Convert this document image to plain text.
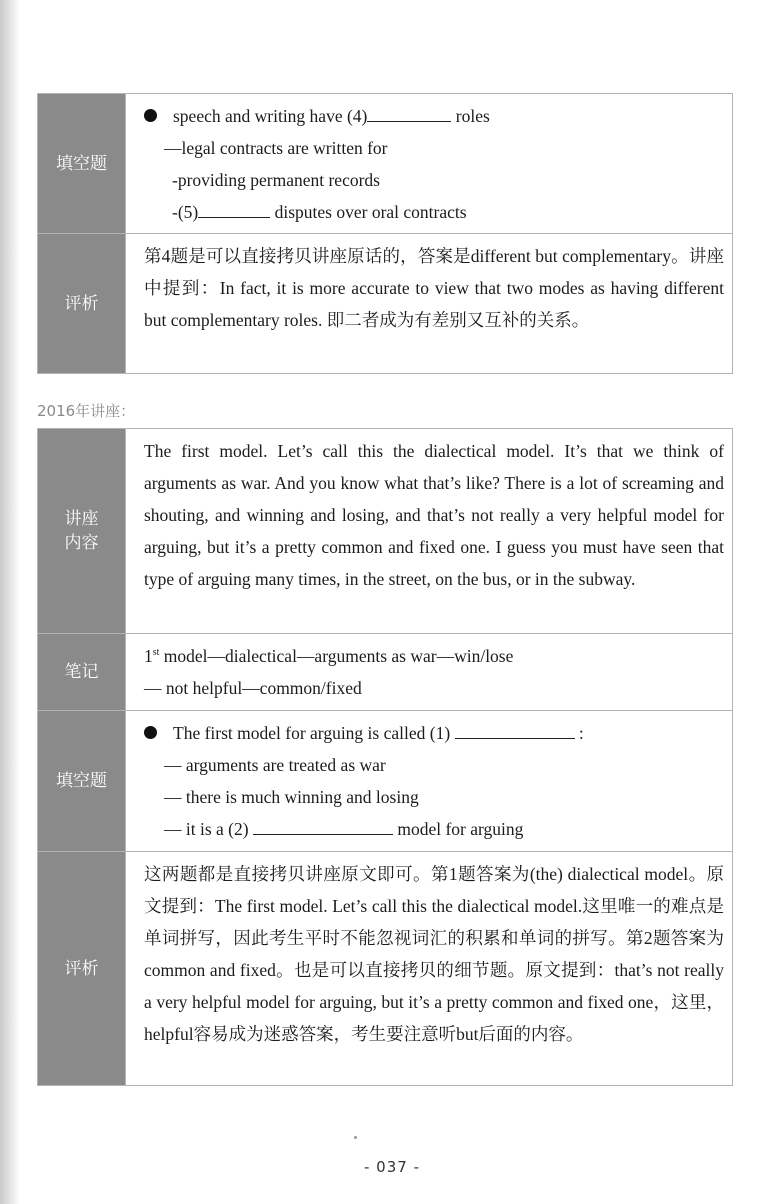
填空题
speech and writing have (4)	roles
—legal contracts are written for
-providing permanent records
-(5)	disputes over oral contracts
评析
第4题是可以直接拷贝讲座原话的，答案是different but complementary。讲座中提到：In fact, it is more accurate to view that two modes as having different but complementary roles. 即二者成为有差别又互补的关系。
2016年讲座：
讲座
内容
The first model. Let’s call this the dialectical model. It’s that we think of arguments as war. And you know what that’s like? There is a lot of screaming and shouting, and winning and losing, and that’s not really a very helpful model for arguing, but it’s a pretty common and fixed one. I guess you must have seen that type of arguing many times, in the street, on the bus, or in the subway.
笔记
1st model—dialectical—arguments as war—win/lose
— not helpful—common/fixed
填空题
The first model for arguing is called (1)	:
— arguments are treated as war
— there is much winning and losing
— it is a (2)	model for arguing
评析
这两题都是直接拷贝讲座原文即可。第1题答案为(the) dialectical model。原文提到：The first model. Let’s call this the dialectical model.这里唯一的难点是单词拼写，因此考生平时不能忽视词汇的积累和单词的拼写。第2题答案为common and fixed。也是可以直接拷贝的细节题。原文提到：that’s not really a very helpful model for arguing, but it’s a pretty common and fixed one，这里，helpful容易成为迷惑答案，考生要注意听but后面的内容。
- 037 -
